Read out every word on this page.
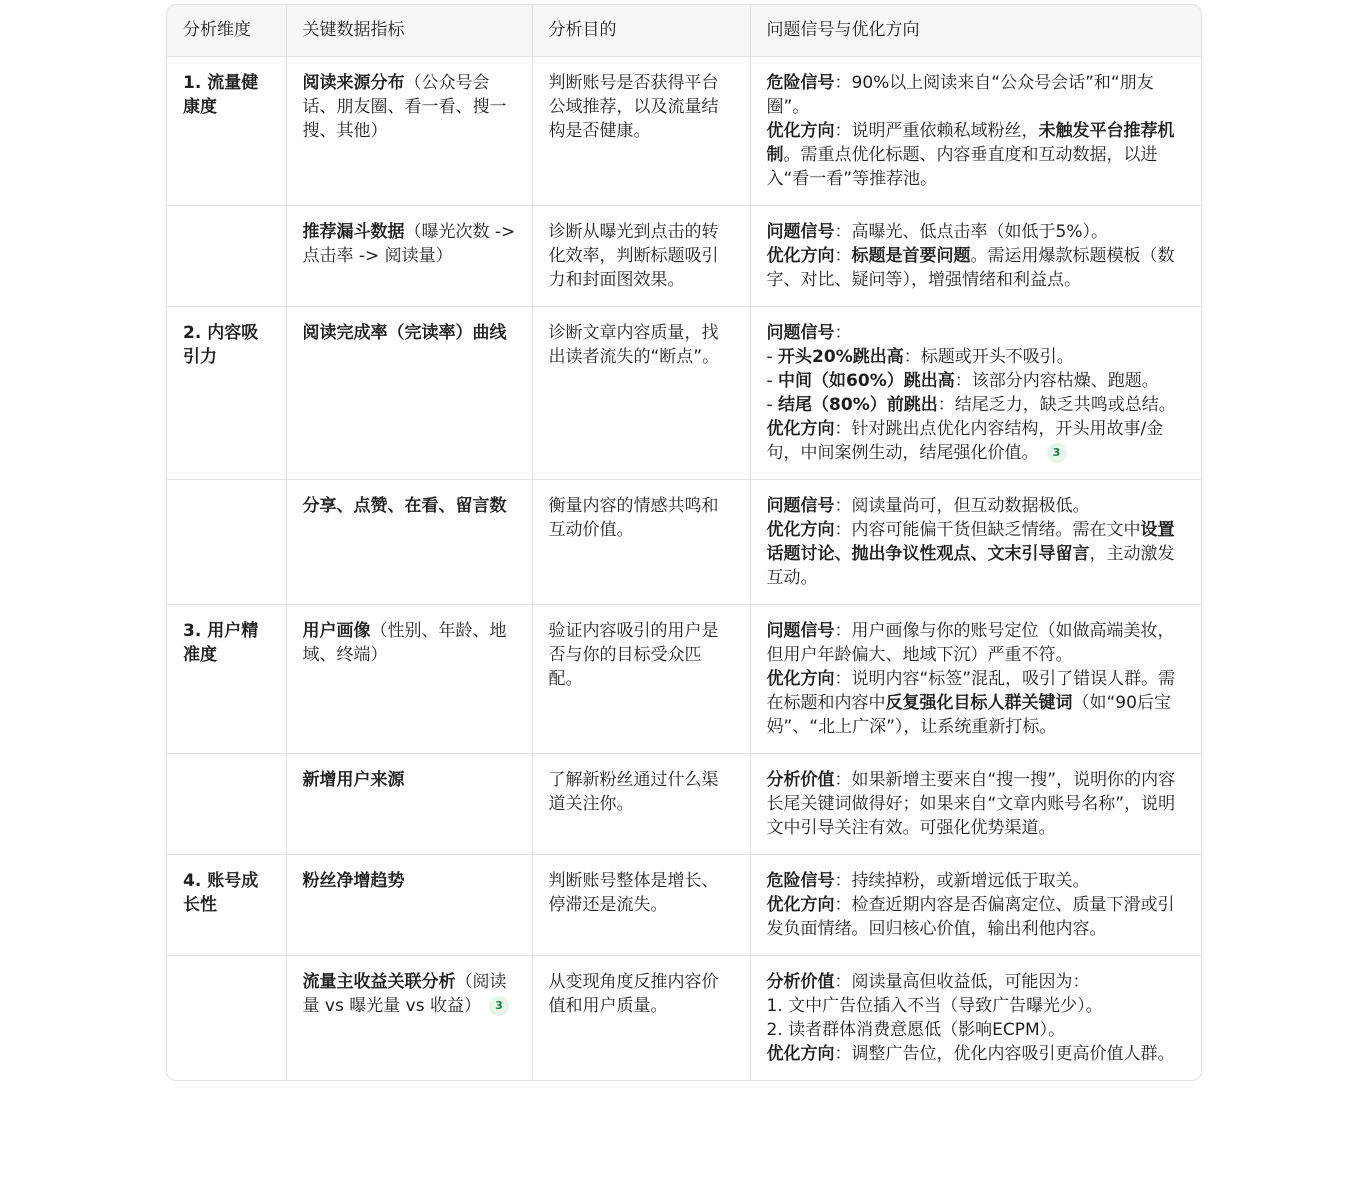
分析维度	关键数据指标	分析目的	问题信号与优化方向
1. 流量健康度	阅读来源分布（公众号会话、朋友圈、看一看、搜一搜、其他）	判断账号是否获得平台公域推荐，以及流量结构是否健康。	危险信号：90%以上阅读来自“公众号会话”和“朋友圈”。
优化方向：说明严重依赖私域粉丝，未触发平台推荐机制。需重点优化标题、内容垂直度和互动数据，以进入“看一看”等推荐池。

	推荐漏斗数据（曝光次数 -> 点击率 -> 阅读量）	诊断从曝光到点击的转化效率，判断标题吸引力和封面图效果。	问题信号：高曝光、低点击率（如低于5%）。
优化方向：标题是首要问题。需运用爆款标题模板（数字、对比、疑问等），增强情绪和利益点。

2. 内容吸引力	阅读完成率（完读率）曲线	诊断文章内容质量，找出读者流失的“断点”。	问题信号：
- 开头20%跳出高：标题或开头不吸引。
- 中间（如60%）跳出高：该部分内容枯燥、跑题。
- 结尾（80%）前跳出：结尾乏力，缺乏共鸣或总结。
优化方向：针对跳出点优化内容结构，开头用故事/金句，中间案例生动，结尾强化价值。 3

	分享、点赞、在看、留言数	衡量内容的情感共鸣和互动价值。	问题信号：阅读量尚可，但互动数据极低。
优化方向：内容可能偏干货但缺乏情绪。需在文中设置话题讨论、抛出争议性观点、文末引导留言，主动激发互动。

3. 用户精准度	用户画像（性别、年龄、地域、终端）	验证内容吸引的用户是否与你的目标受众匹配。	问题信号：用户画像与你的账号定位（如做高端美妆，但用户年龄偏大、地域下沉）严重不符。
优化方向：说明内容“标签”混乱，吸引了错误人群。需在标题和内容中反复强化目标人群关键词（如“90后宝妈”、“北上广深”），让系统重新打标。

	新增用户来源	了解新粉丝通过什么渠道关注你。	分析价值：如果新增主要来自“搜一搜”，说明你的内容长尾关键词做得好；如果来自“文章内账号名称”，说明文中引导关注有效。可强化优势渠道。

4. 账号成长性	粉丝净增趋势	判断账号整体是增长、停滞还是流失。	危险信号：持续掉粉，或新增远低于取关。
优化方向：检查近期内容是否偏离定位、质量下滑或引发负面情绪。回归核心价值，输出利他内容。

	流量主收益关联分析（阅读量 vs 曝光量 vs 收益） 3	从变现角度反推内容价值和用户质量。	分析价值：阅读量高但收益低，可能因为：
1. 文中广告位插入不当（导致广告曝光少）。
2. 读者群体消费意愿低（影响ECPM）。
优化方向：调整广告位，优化内容吸引更高价值人群。
